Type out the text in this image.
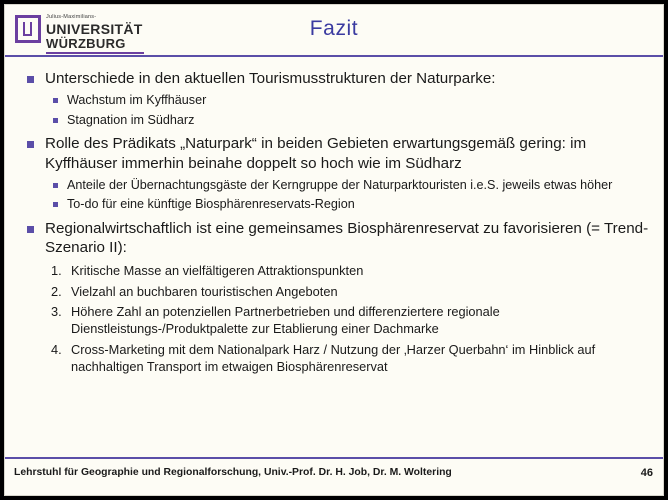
Julius-Maximilians-
UNIVERSITÄT
WÜRZBURG
Fazit
Unterschiede in den aktuellen Tourismusstrukturen der Naturparke:
Wachstum im Kyffhäuser
Stagnation im Südharz
Rolle des Prädikats „Naturpark“ in beiden Gebieten erwartungsgemäß gering: im Kyffhäuser immerhin beinahe doppelt so hoch wie im Südharz
Anteile der Übernachtungsgäste der Kerngruppe der Naturparktouristen i.e.S. jeweils etwas höher
To-do für eine künftige Biosphärenreservats-Region
Regionalwirtschaftlich ist eine gemeinsames Biosphärenreservat zu favorisieren (= Trend-Szenario II):
1. Kritische Masse an vielfältigeren Attraktionspunkten
2. Vielzahl an buchbaren touristischen Angeboten
3. Höhere Zahl an potenziellen Partnerbetrieben und differenziertere regionale Dienstleistungs-/Produktpalette zur Etablierung einer Dachmarke
4. Cross-Marketing mit dem Nationalpark Harz / Nutzung der ‚Harzer Querbahn‘ im Hinblick auf nachhaltigen Transport im etwaigen Biosphärenreservat
Lehrstuhl für Geographie und Regionalforschung, Univ.-Prof. Dr. H. Job, Dr. M. Woltering	46
